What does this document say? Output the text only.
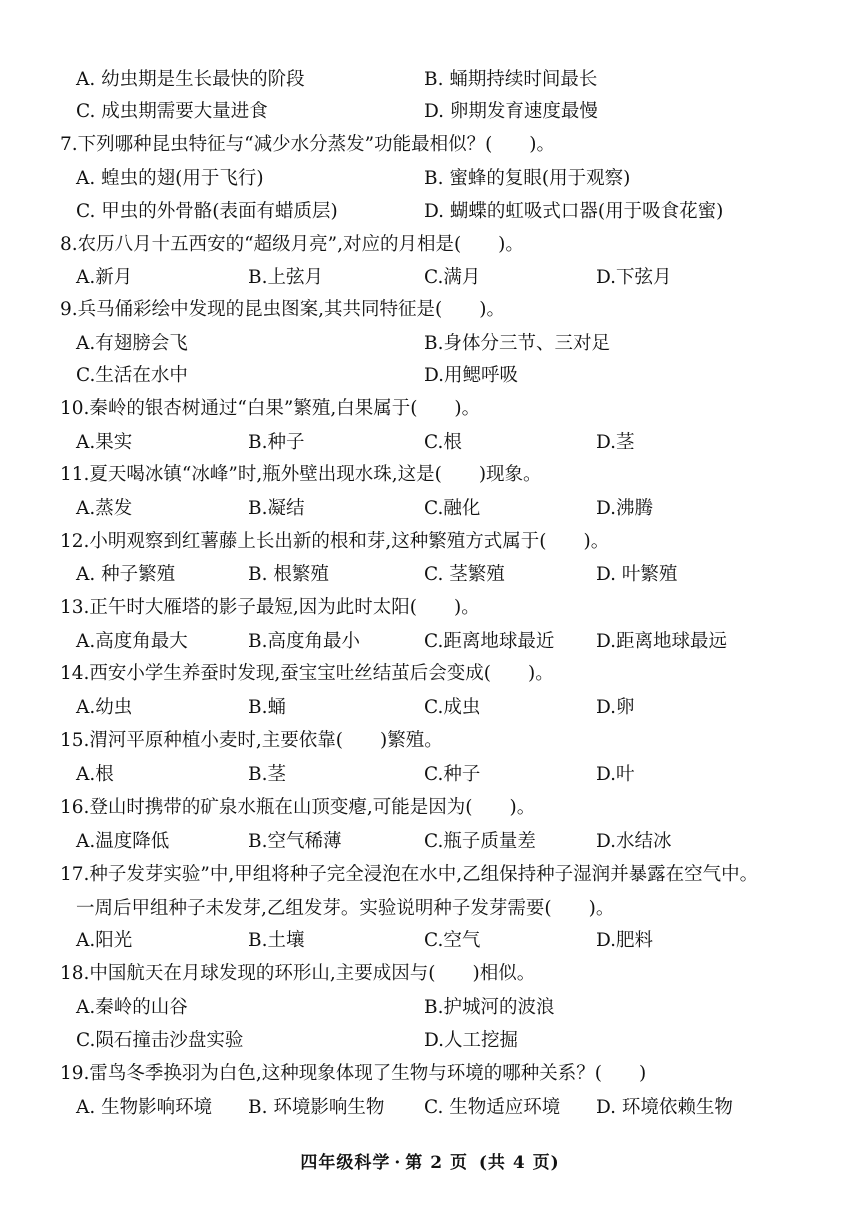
A. 幼虫期是生长最快的阶段	B. 蛹期持续时间最长
C. 成虫期需要大量进食	D. 卵期发育速度最慢
7.下列哪种昆虫特征与“减少水分蒸发”功能最相似？(　　)。
A. 蝗虫的翅(用于飞行)	B. 蜜蜂的复眼(用于观察)
C. 甲虫的外骨骼(表面有蜡质层)	D. 蝴蝶的虹吸式口器(用于吸食花蜜)
8.农历八月十五西安的“超级月亮”,对应的月相是(　　)。
A.新月	B.上弦月	C.满月	D.下弦月
9.兵马俑彩绘中发现的昆虫图案,其共同特征是(　　)。
A.有翅膀会飞	B.身体分三节、三对足
C.生活在水中	D.用鳃呼吸
10.秦岭的银杏树通过“白果”繁殖,白果属于(　　)。
A.果实	B.种子	C.根	D.茎
11.夏天喝冰镇“冰峰”时,瓶外壁出现水珠,这是(　　)现象。
A.蒸发	B.凝结	C.融化	D.沸腾
12.小明观察到红薯藤上长出新的根和芽,这种繁殖方式属于(　　)。
A. 种子繁殖	B. 根繁殖	C. 茎繁殖	D. 叶繁殖
13.正午时大雁塔的影子最短,因为此时太阳(　　)。
A.高度角最大	B.高度角最小	C.距离地球最近 D.距离地球最远
14.西安小学生养蚕时发现,蚕宝宝吐丝结茧后会变成(　　)。
A.幼虫	B.蛹	C.成虫	D.卵
15.渭河平原种植小麦时,主要依靠(　　)繁殖。
A.根	B.茎	C.种子	D.叶
16.登山时携带的矿泉水瓶在山顶变瘪,可能是因为(　　)。
A.温度降低	B.空气稀薄	C.瓶子质量差	D.水结冰
17.种子发芽实验”中,甲组将种子完全浸泡在水中,乙组保持种子湿润并暴露在空气中。
一周后甲组种子未发芽,乙组发芽。实验说明种子发芽需要(　　)。
A.阳光	B.土壤	C.空气	D.肥料
18.中国航天在月球发现的环形山,主要成因与(　　)相似。
A.秦岭的山谷	B.护城河的波浪
C.陨石撞击沙盘实验	D.人工挖掘
19.雷鸟冬季换羽为白色,这种现象体现了生物与环境的哪种关系？(　　)
A. 生物影响环境 B. 环境影响生物 C. 生物适应环境 D. 环境依赖生物
四年级科学 · 第 2 页 (共 4 页)
